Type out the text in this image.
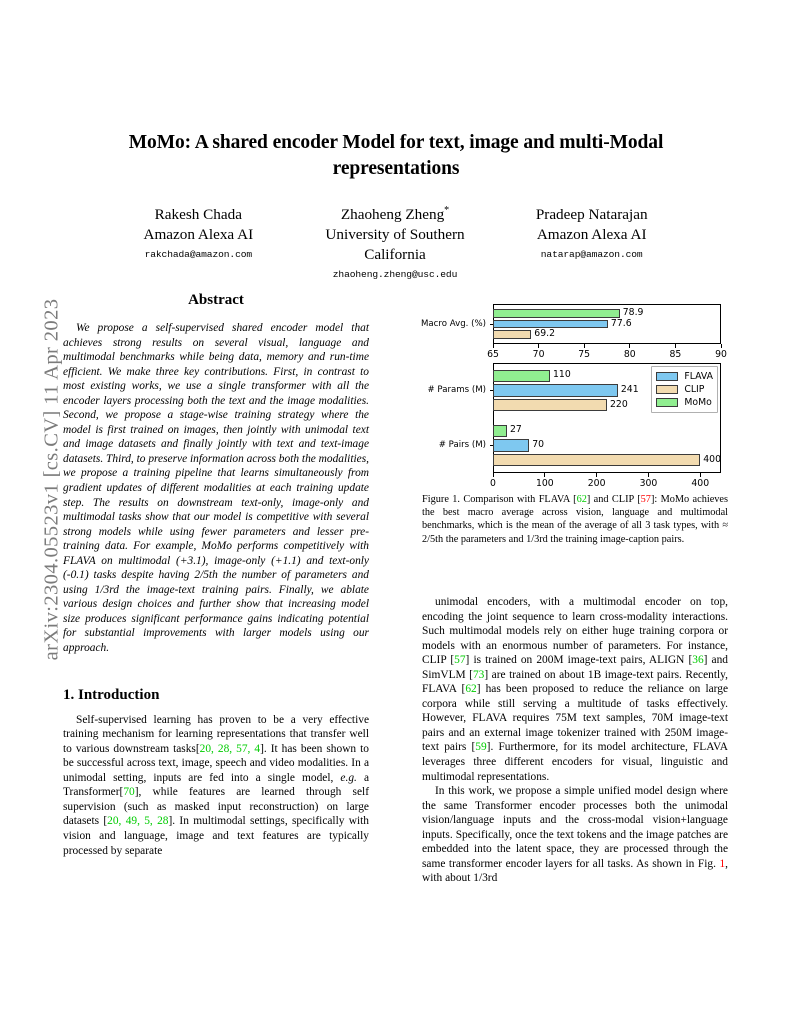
arXiv:2304.05523v1 [cs.CV] 11 Apr 2023
MoMo: A shared encoder Model for text, image and multi-Modal representations
Rakesh Chada
Amazon Alexa AI
rakchada@amazon.com
Zhaoheng Zheng*
University of Southern California
zhaoheng.zheng@usc.edu
Pradeep Natarajan
Amazon Alexa AI
natarap@amazon.com
Abstract

We propose a self-supervised shared encoder model that achieves strong results on several visual, language and multimodal benchmarks while being data, memory and run-time efficient. We make three key contributions. First, in contrast to most existing works, we use a single transformer with all the encoder layers processing both the text and the image modalities. Second, we propose a stage-wise training strategy where the model is first trained on images, then jointly with unimodal text and image datasets and finally jointly with text and text-image datasets. Third, to preserve information across both the modalities, we propose a training pipeline that learns simultaneously from gradient updates of different modalities at each training update step. The results on downstream text-only, image-only and multimodal tasks show that our model is competitive with several strong models while using fewer parameters and lesser pre-training data. For example, MoMo performs competitively with FLAVA on multimodal (+3.1), image-only (+1.1) and text-only (-0.1) tasks despite having 2/5th the number of parameters and using 1/3rd the image-text training pairs. Finally, we ablate various design choices and further show that increasing model size produces significant performance gains indicating potential for substantial improvements with larger models using our approach.

1. Introduction

Self-supervised learning has proven to be a very effective training mechanism for learning representations that transfer well to various downstream tasks[20, 28, 57, 4]. It has been shown to be successful across text, image, speech and video modalities. In a unimodal setting, inputs are fed into a single model, e.g. a Transformer[70], while features are learned through self supervision (such as masked input reconstruction) on large datasets [20, 49, 5, 28]. In multimodal settings, specifically with vision and language, image and text features are typically processed by separate

Macro Avg. (%)
78.9
77.6
69.2
65	70	75	80	85	90
# Params (M)
110
241
220
# Pairs (M)
27
70
400
0	100	200	300	400
FLAVA
CLIP
MoMo
Figure 1. Comparison with FLAVA [62] and CLIP [57]: MoMo achieves the best macro average across vision, language and multimodal benchmarks, which is the mean of the average of all 3 task types, with ≈ 2/5th the parameters and 1/3rd the training image-caption pairs.

unimodal encoders, with a multimodal encoder on top, encoding the joint sequence to learn cross-modality interactions. Such multimodal models rely on either huge training corpora or models with an enormous number of parameters. For instance, CLIP [57] is trained on 200M image-text pairs, ALIGN [36] and SimVLM [73] are trained on about 1B image-text pairs. Recently, FLAVA [62] has been proposed to reduce the reliance on large corpora while still serving a multitude of tasks effectively. However, FLAVA requires 75M text samples, 70M image-text pairs and an external image tokenizer trained with 250M image-text pairs [59]. Furthermore, for its model architecture, FLAVA leverages three different encoders for visual, linguistic and multimodal representations.

In this work, we propose a simple unified model design where the same Transformer encoder processes both the unimodal vision/language inputs and the cross-modal vision+language inputs. Specifically, once the text tokens and the image patches are embedded into the latent space, they are processed through the same transformer encoder layers for all tasks. As shown in Fig. 1, with about 1/3rd
